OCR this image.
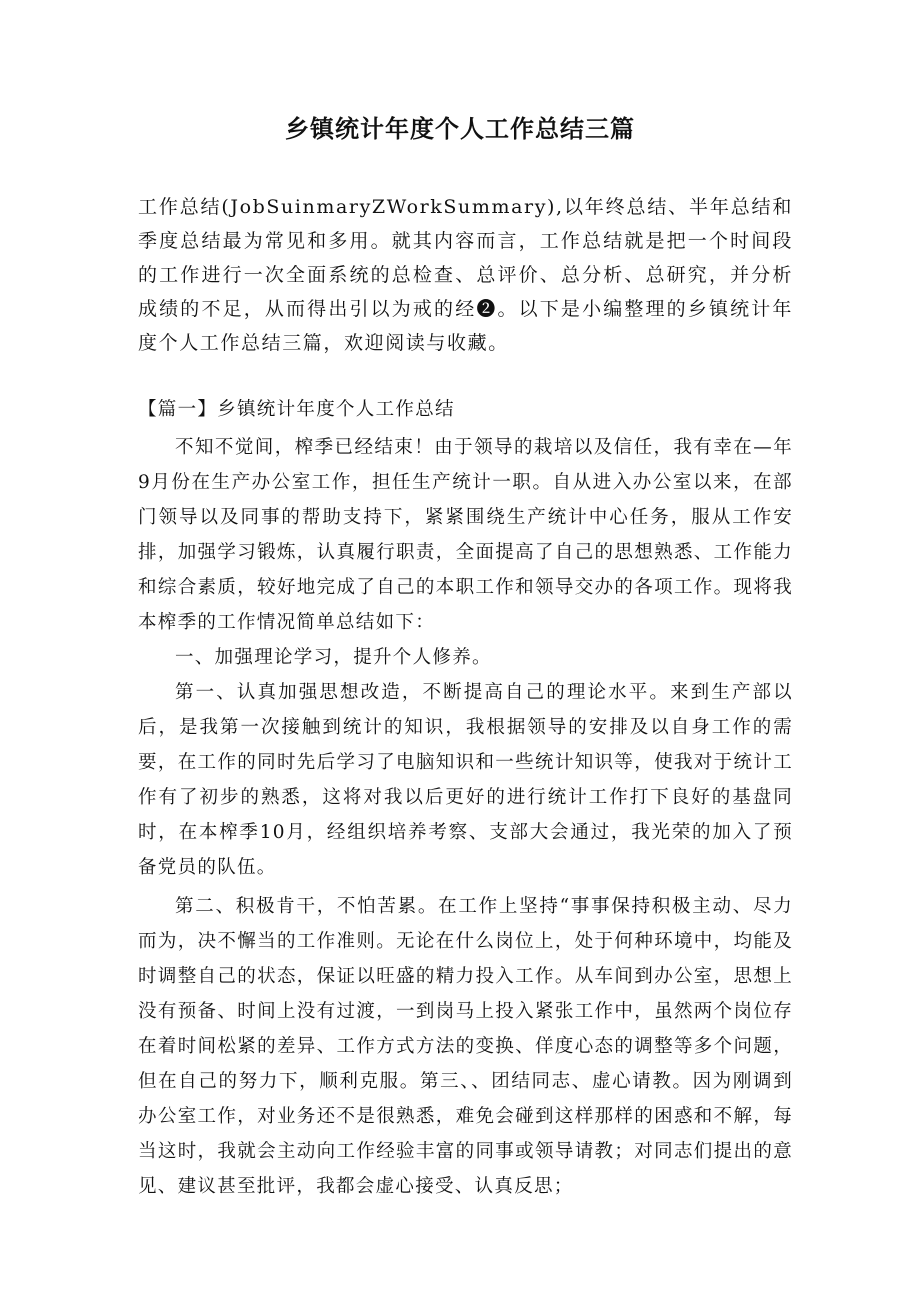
乡镇统计年度个人工作总结三篇

工作总结(JobSuinmaryZWorkSummary),以年终总结、半年总结和季度总结最为常见和多用。就其内容而言，工作总结就是把一个时间段的工作进行一次全面系统的总检查、总评价、总分析、总研究，并分析成绩的不足，从而得出引以为戒的经❷。以下是小编整理的乡镇统计年度个人工作总结三篇，欢迎阅读与收藏。

【篇一】乡镇统计年度个人工作总结

不知不觉间，榨季已经结束！由于领导的栽培以及信任，我有幸在—年9月份在生产办公室工作，担任生产统计一职。自从进入办公室以来，在部门领导以及同事的帮助支持下，紧紧围绕生产统计中心任务，服从工作安排，加强学习锻炼，认真履行职责，全面提高了自己的思想熟悉、工作能力和综合素质，较好地完成了自己的本职工作和领导交办的各项工作。现将我本榨季的工作情况简单总结如下：

一、加强理论学习，提升个人修养。

第一、认真加强思想改造，不断提高自己的理论水平。来到生产部以后，是我第一次接触到统计的知识，我根据领导的安排及以自身工作的需要，在工作的同时先后学习了电脑知识和一些统计知识等，使我对于统计工作有了初步的熟悉，这将对我以后更好的进行统计工作打下良好的基盘同时，在本榨季10月，经组织培养考察、支部大会通过，我光荣的加入了预备党员的队伍。

第二、积极肯干，不怕苦累。在工作上坚持“事事保持积极主动、尽力而为，决不懈当的工作准则。无论在什么岗位上，处于何种环境中，均能及时调整自己的状态，保证以旺盛的精力投入工作。从车间到办公室，思想上没有预备、时间上没有过渡，一到岗马上投入紧张工作中，虽然两个岗位存在着时间松紧的差异、工作方式方法的变换、佯度心态的调整等多个问题，但在自己的努力下，顺利克服。第三、、团结同志、虚心请教。因为刚调到办公室工作，对业务还不是很熟悉，难免会碰到这样那样的困惑和不解，每当这时，我就会主动向工作经验丰富的同事或领导请教；对同志们提出的意见、建议甚至批评，我都会虚心接受、认真反思；
